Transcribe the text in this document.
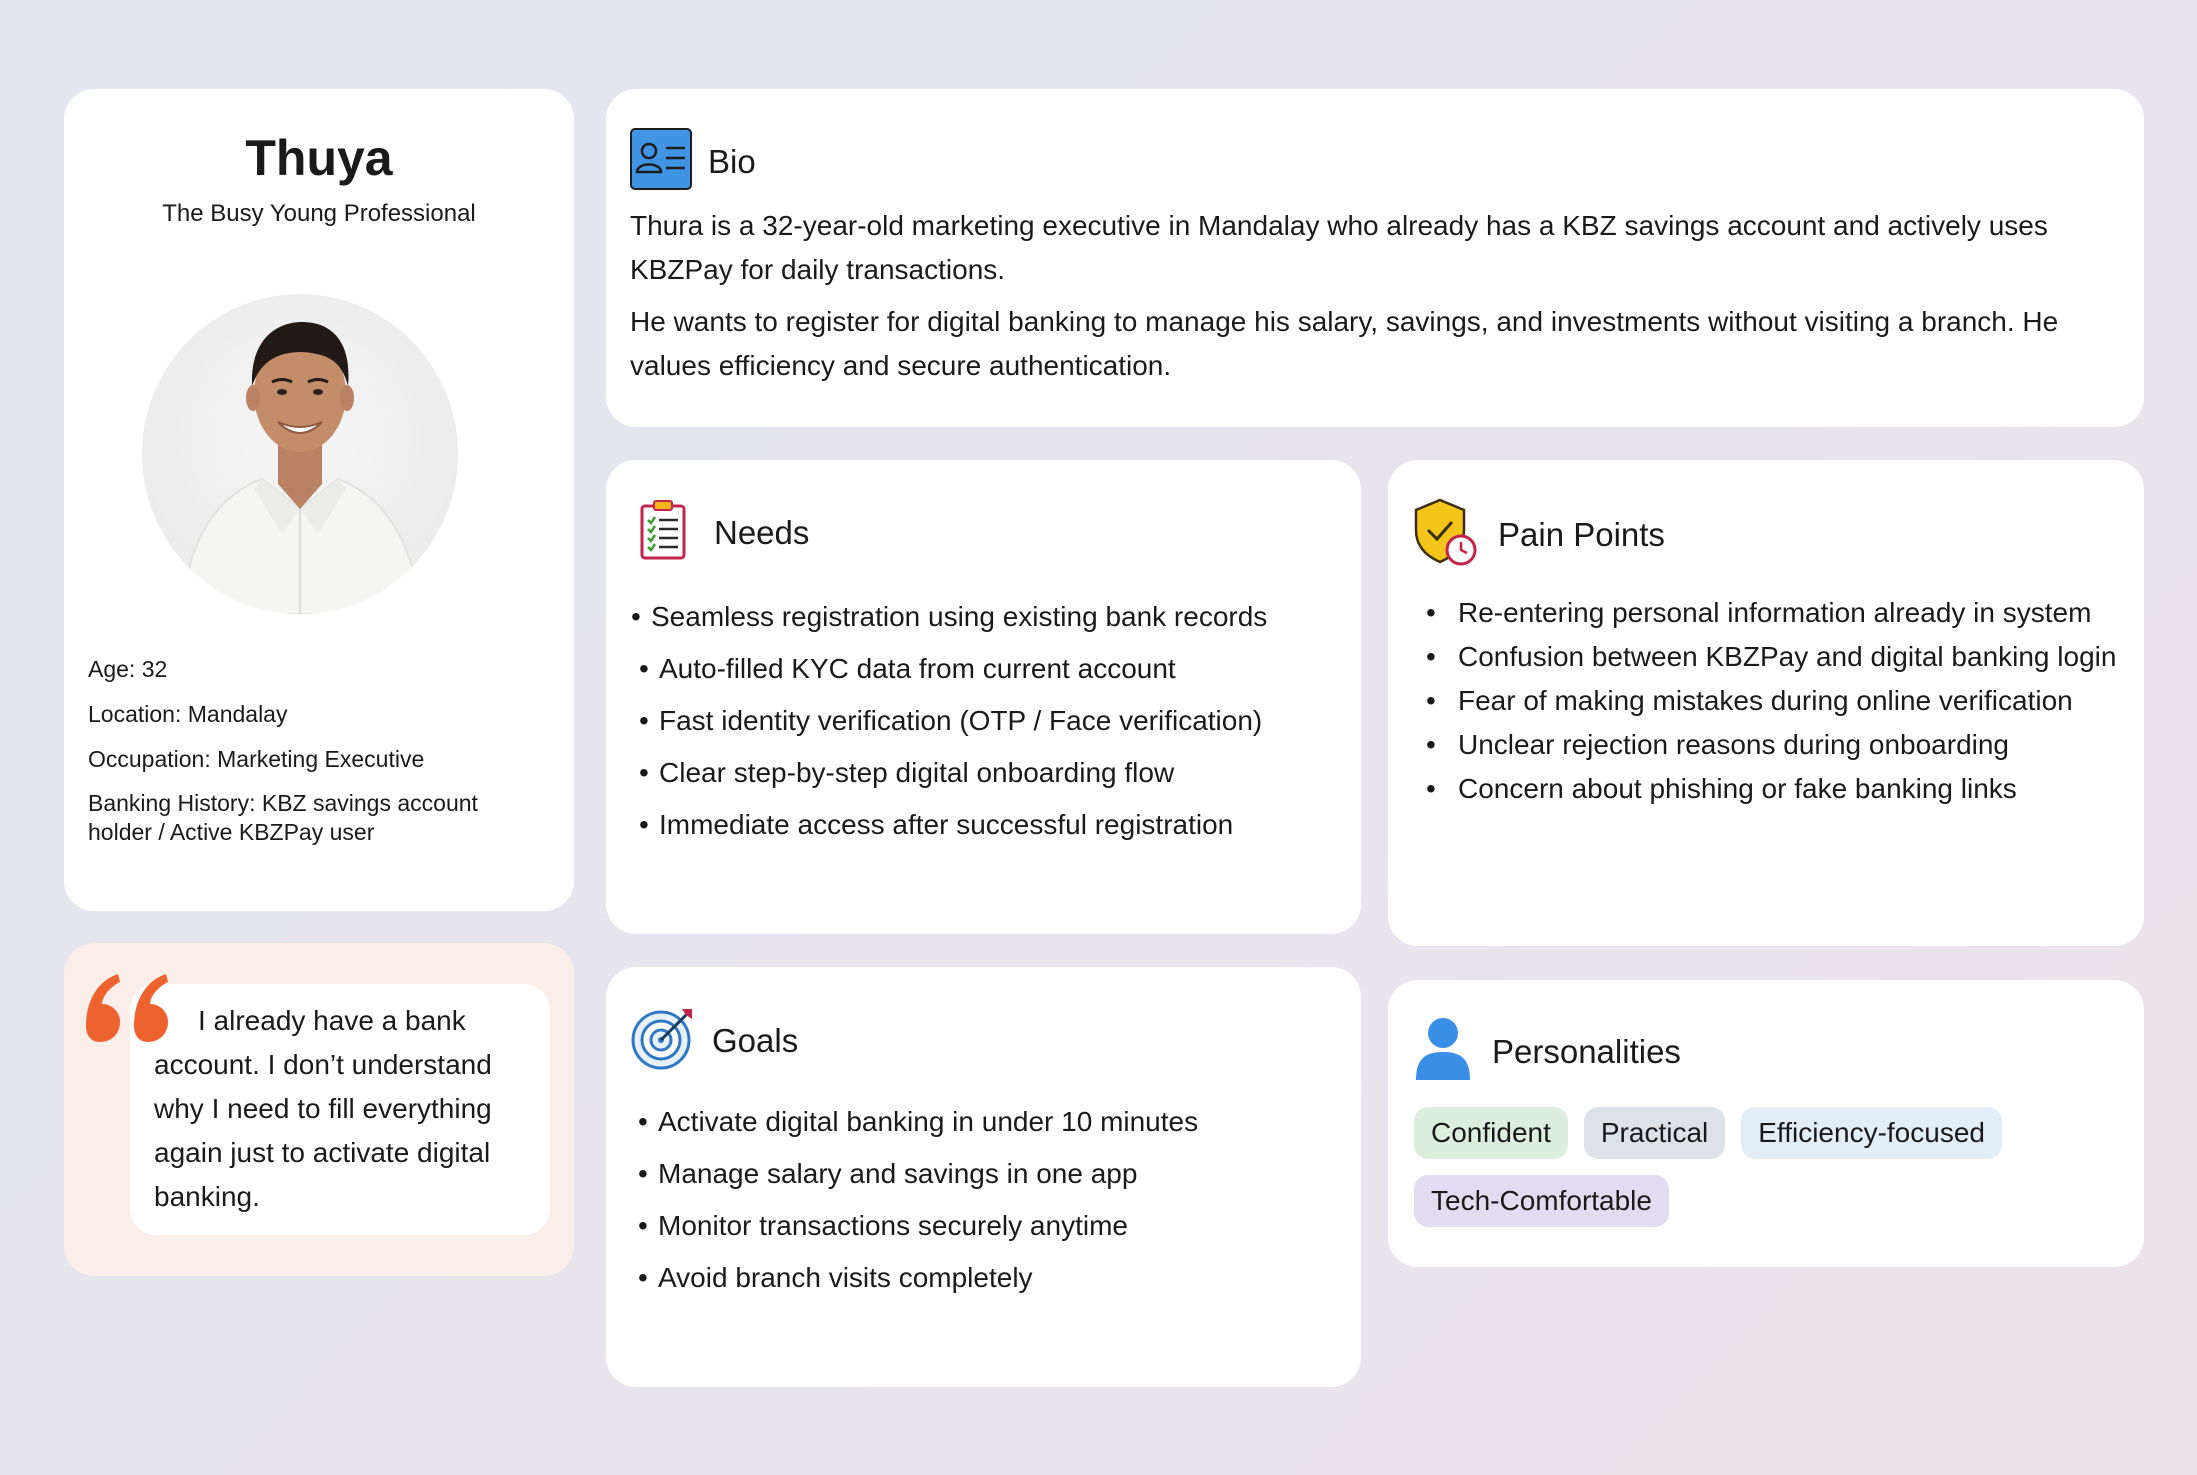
Thuya
The Busy Young Professional
Age: 32
Location: Mandalay
Occupation: Marketing Executive
Banking History: KBZ savings account holder / Active KBZPay user
I already have a bank account. I don’t understand why I need to fill everything again just to activate digital banking.
Bio

Thura is a 32-year-old marketing executive in Mandalay who already has a KBZ savings account and actively uses KBZPay for daily transactions.

He wants to register for digital banking to manage his salary, savings, and investments without visiting a branch. He values efficiency and secure authentication.

Needs
• Seamless registration using existing bank records
• Auto-filled KYC data from current account
• Fast identity verification (OTP / Face verification)
• Clear step-by-step digital onboarding flow
• Immediate access after successful registration
Pain Points
• Re-entering personal information already in system
• Confusion between KBZPay and digital banking login
• Fear of making mistakes during online verification
• Unclear rejection reasons during onboarding
• Concern about phishing or fake banking links
Goals
• Activate digital banking in under 10 minutes
• Manage salary and savings in one app
• Monitor transactions securely anytime
• Avoid branch visits completely
Personalities
Confident	Practical	Efficiency-focused
Tech-Comfortable
